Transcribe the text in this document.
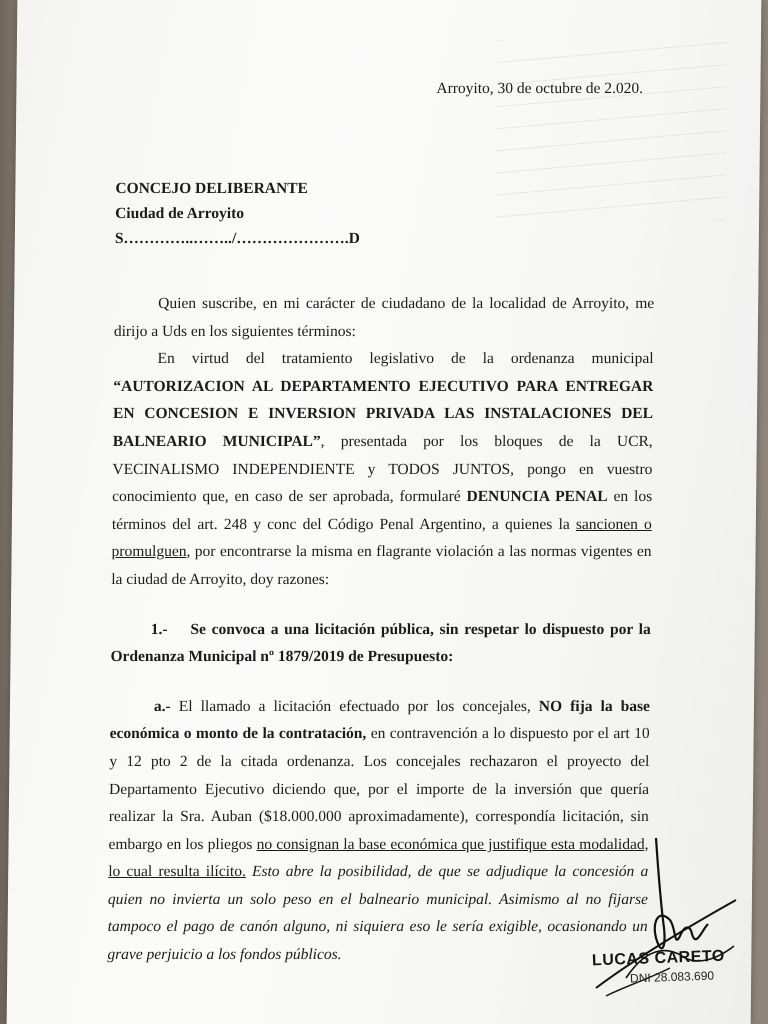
Arroyito, 30 de octubre de 2.020.
CONCEJO DELIBERANTE
Ciudad de Arroyito
S…………..……../………………….D

Quien suscribe, en mi carácter de ciudadano de la localidad de Arroyito, me dirijo a Uds en los siguientes términos:

En virtud del tratamiento legislativo de la ordenanza municipal “AUTORIZACION AL DEPARTAMENTO EJECUTIVO PARA ENTREGAR EN CONCESION E INVERSION PRIVADA LAS INSTALACIONES DEL BALNEARIO MUNICIPAL”, presentada por los bloques de la UCR, VECINALISMO INDEPENDIENTE y TODOS JUNTOS, pongo en vuestro conocimiento que, en caso de ser aprobada, formularé DENUNCIA PENAL en los términos del art. 248 y conc del Código Penal Argentino, a quienes la sancionen o promulguen, por encontrarse la misma en flagrante violación a las normas vigentes en la ciudad de Arroyito, doy razones:

1.- Se convoca a una licitación pública, sin respetar lo dispuesto por la Ordenanza Municipal nº 1879/2019 de Presupuesto:

a.- El llamado a licitación efectuado por los concejales, NO fija la base económica o monto de la contratación, en contravención a lo dispuesto por el art 10 y 12 pto 2 de la citada ordenanza. Los concejales rechazaron el proyecto del Departamento Ejecutivo diciendo que, por el importe de la inversión que quería realizar la Sra. Auban ($18.000.000 aproximadamente), correspondía licitación, sin embargo en los pliegos no consignan la base económica que justifique esta modalidad, lo cual resulta ilícito. Esto abre la posibilidad, de que se adjudique la concesión a quien no invierta un solo peso en el balneario municipal. Asimismo al no fijarse tampoco el pago de canón alguno, ni siquiera eso le sería exigible, ocasionando un grave perjuicio a los fondos públicos.	LUCAS CARETO
DNI 28.083.690
